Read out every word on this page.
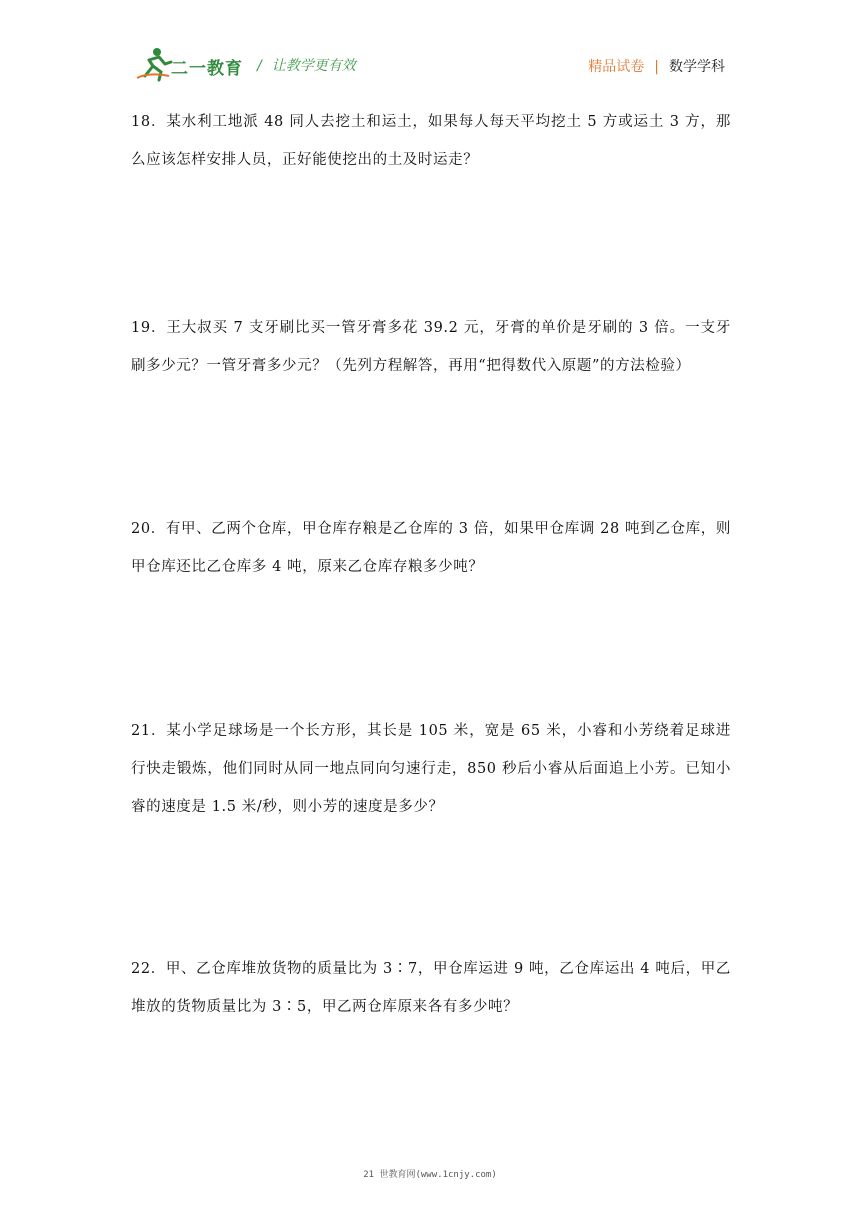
二一教育 / 让教学更有效	精品试卷 | 数学学科
18．某水利工地派 48 同人去挖土和运土，如果每人每天平均挖土 5 方或运土 3 方，那么应该怎样安排人员，正好能使挖出的土及时运走？
19．王大叔买 7 支牙刷比买一管牙膏多花 39.2 元，牙膏的单价是牙刷的 3 倍。一支牙刷多少元？一管牙膏多少元？（先列方程解答，再用“把得数代入原题”的方法检验）
20．有甲、乙两个仓库，甲仓库存粮是乙仓库的 3 倍，如果甲仓库调 28 吨到乙仓库，则甲仓库还比乙仓库多 4 吨，原来乙仓库存粮多少吨？
21．某小学足球场是一个长方形，其长是 105 米，宽是 65 米，小睿和小芳绕着足球进行快走锻炼，他们同时从同一地点同向匀速行走，850 秒后小睿从后面追上小芳。已知小睿的速度是 1.5 米/秒，则小芳的速度是多少？
22．甲、乙仓库堆放货物的质量比为 3∶7，甲仓库运进 9 吨，乙仓库运出 4 吨后，甲乙堆放的货物质量比为 3∶5，甲乙两仓库原来各有多少吨？
21 世教育网(www.1cnjy.com)
